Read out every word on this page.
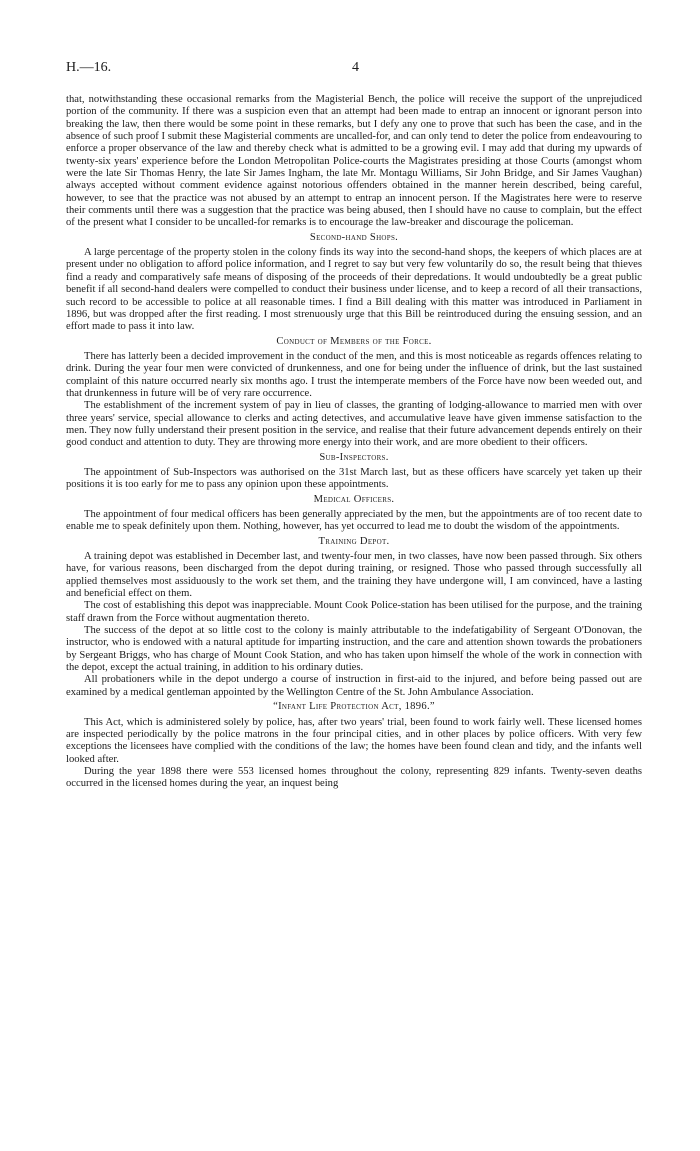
H.—16.	4

that, notwithstanding these occasional remarks from the Magisterial Bench, the police will receive the support of the unprejudiced portion of the community. If there was a suspicion even that an attempt had been made to entrap an innocent or ignorant person into breaking the law, then there would be some point in these remarks, but I defy any one to prove that such has been the case, and in the absence of such proof I submit these Magisterial comments are uncalled-for, and can only tend to deter the police from endeavouring to enforce a proper observance of the law and thereby check what is admitted to be a growing evil. I may add that during my upwards of twenty-six years' experience before the London Metropolitan Police-courts the Magistrates presiding at those Courts (amongst whom were the late Sir Thomas Henry, the late Sir James Ingham, the late Mr. Montagu Williams, Sir John Bridge, and Sir James Vaughan) always accepted without comment evidence against notorious offenders obtained in the manner herein described, being careful, however, to see that the practice was not abused by an attempt to entrap an innocent person. If the Magistrates here were to reserve their comments until there was a suggestion that the practice was being abused, then I should have no cause to complain, but the effect of the present what I consider to be uncalled-for remarks is to encourage the law-breaker and discourage the policeman.

Second-hand Shops.

A large percentage of the property stolen in the colony finds its way into the second-hand shops, the keepers of which places are at present under no obligation to afford police information, and I regret to say but very few voluntarily do so, the result being that thieves find a ready and comparatively safe means of disposing of the proceeds of their depredations. It would undoubtedly be a great public benefit if all second-hand dealers were compelled to conduct their business under license, and to keep a record of all their transactions, such record to be accessible to police at all reasonable times. I find a Bill dealing with this matter was introduced in Parliament in 1896, but was dropped after the first reading. I most strenuously urge that this Bill be reintroduced during the ensuing session, and an effort made to pass it into law.

Conduct of Members of the Force.

There has latterly been a decided improvement in the conduct of the men, and this is most noticeable as regards offences relating to drink. During the year four men were convicted of drunkenness, and one for being under the influence of drink, but the last sustained complaint of this nature occurred nearly six months ago. I trust the intemperate members of the Force have now been weeded out, and that drunkenness in future will be of very rare occurrence.

The establishment of the increment system of pay in lieu of classes, the granting of lodging-allowance to married men with over three years' service, special allowance to clerks and acting detectives, and accumulative leave have given immense satisfaction to the men. They now fully understand their present position in the service, and realise that their future advancement depends entirely on their good conduct and attention to duty. They are throwing more energy into their work, and are more obedient to their officers.

Sub-Inspectors.

The appointment of Sub-Inspectors was authorised on the 31st March last, but as these officers have scarcely yet taken up their positions it is too early for me to pass any opinion upon these appointments.

Medical Officers.

The appointment of four medical officers has been generally appreciated by the men, but the appointments are of too recent date to enable me to speak definitely upon them. Nothing, however, has yet occurred to lead me to doubt the wisdom of the appointments.

Training Depot.

A training depot was established in December last, and twenty-four men, in two classes, have now been passed through. Six others have, for various reasons, been discharged from the depot during training, or resigned. Those who passed through successfully all applied themselves most assiduously to the work set them, and the training they have undergone will, I am convinced, have a lasting and beneficial effect on them.

The cost of establishing this depot was inappreciable. Mount Cook Police-station has been utilised for the purpose, and the training staff drawn from the Force without augmentation thereto.

The success of the depot at so little cost to the colony is mainly attributable to the indefatigability of Sergeant O'Donovan, the instructor, who is endowed with a natural aptitude for imparting instruction, and the care and attention shown towards the probationers by Sergeant Briggs, who has charge of Mount Cook Station, and who has taken upon himself the whole of the work in connection with the depot, except the actual training, in addition to his ordinary duties.

All probationers while in the depot undergo a course of instruction in first-aid to the injured, and before being passed out are examined by a medical gentleman appointed by the Wellington Centre of the St. John Ambulance Association.

“Infant Life Protection Act, 1896.”

This Act, which is administered solely by police, has, after two years' trial, been found to work fairly well. These licensed homes are inspected periodically by the police matrons in the four principal cities, and in other places by police officers. With very few exceptions the licensees have complied with the conditions of the law; the homes have been found clean and tidy, and the infants well looked after.

During the year 1898 there were 553 licensed homes throughout the colony, representing 829 infants. Twenty-seven deaths occurred in the licensed homes during the year, an inquest being
